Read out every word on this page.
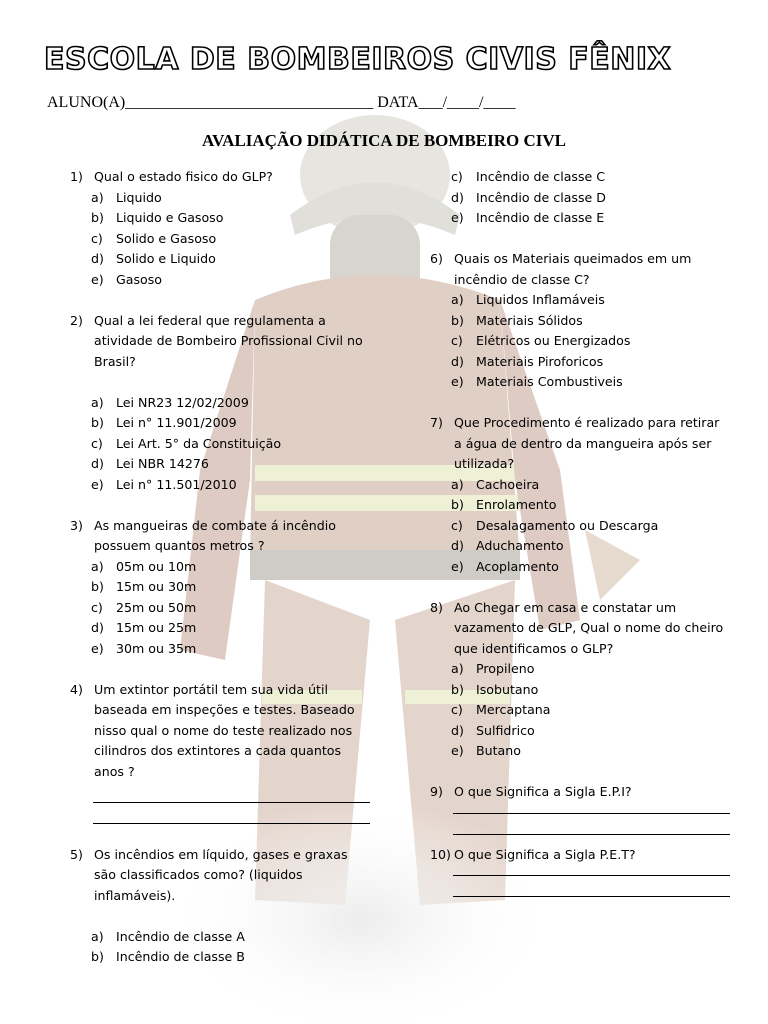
ESCOLA DE BOMBEIROS CIVIS FÊNIX
ALUNO(A)_______________________________ DATA___/____/____
AVALIAÇÃO DIDÁTICA DE BOMBEIRO CIVL
1) Qual o estado fisico do GLP?
a) Liquido
b) Liquido e Gasoso
c)	Solido e Gasoso
d) Solido e Liquido
e) Gasoso
2) Qual a lei federal que regulamenta a atividade de Bombeiro Profissional Civil no Brasil?
a) Lei NR23 12/02/2009
b) Lei n° 11.901/2009
c)	Lei Art. 5° da Constituição
d) Lei NBR 14276
e) Lei n° 11.501/2010
3) As mangueiras de combate á incêndio possuem quantos metros ?
a) 05m ou 10m
b) 15m ou 30m
c)	25m ou 50m
d) 15m ou 25m
e) 30m ou 35m
4) Um extintor portátil tem sua vida útil baseada em inspeções e testes. Baseado nisso qual o nome do teste realizado nos cilindros dos extintores a cada quantos anos ?
5) Os incêndios em líquido, gases e graxas são classificados como? (liquidos inflamáveis).
a) Incêndio de classe A
b) Incêndio de classe B
c)	Incêndio de classe C
d) Incêndio de classe D
e) Incêndio de classe E
6) Quais os Materiais queimados em um incêndio de classe C?
a) Liquidos Inflamáveis
b) Materiais Sólidos
c)	Elétricos ou Energizados
d) Materiais Piroforicos
e) Materiais Combustiveis
7) Que Procedimento é realizado para retirar a água de dentro da mangueira após ser utilizada?
a) Cachoeira
b) Enrolamento
c)	Desalagamento ou Descarga
d) Aduchamento
e) Acoplamento
8) Ao Chegar em casa e constatar um vazamento de GLP, Qual o nome do cheiro que identificamos o GLP?
a) Propileno
b) Isobutano
c)	Mercaptana
d) Sulfidrico
e) Butano
9) O que Significa a Sigla E.P.I?
10) O que Significa a Sigla P.E.T?
